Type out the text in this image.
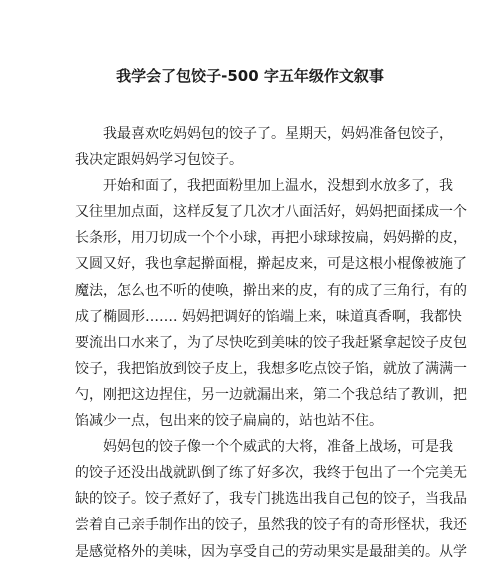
我学会了包饺子-500 字五年级作文叙事

我最喜欢吃妈妈包的饺子了。星期天，妈妈准备包饺子，
我决定跟妈妈学习包饺子。

开始和面了，我把面粉里加上温水，没想到水放多了，我
又往里加点面，这样反复了几次才八面活好，妈妈把面揉成一个
长条形，用刀切成一个个小球，再把小球球按扁，妈妈擀的皮，
又圆又好，我也拿起擀面棍，擀起皮来，可是这根小棍像被施了
魔法，怎么也不听的使唤，擀出来的皮，有的成了三角行，有的
成了椭圆形……. 妈妈把调好的馅端上来，味道真香啊，我都快
要流出口水来了，为了尽快吃到美味的饺子我赶紧拿起饺子皮包
饺子，我把馅放到饺子皮上，我想多吃点饺子馅，就放了满满一
勺，刚把这边捏住，另一边就漏出来，第二个我总结了教训，把
馅减少一点，包出来的饺子扁扁的，站也站不住。

妈妈包的饺子像一个个威武的大将，准备上战场，可是我
的饺子还没出战就趴倒了练了好多次，我终于包出了一个完美无
缺的饺子。饺子煮好了，我专门挑选出我自己包的饺子，当我品
尝着自己亲手制作出的饺子，虽然我的饺子有的奇形怪状，我还
是感觉格外的美味，因为享受自己的劳动果实是最甜美的。从学
